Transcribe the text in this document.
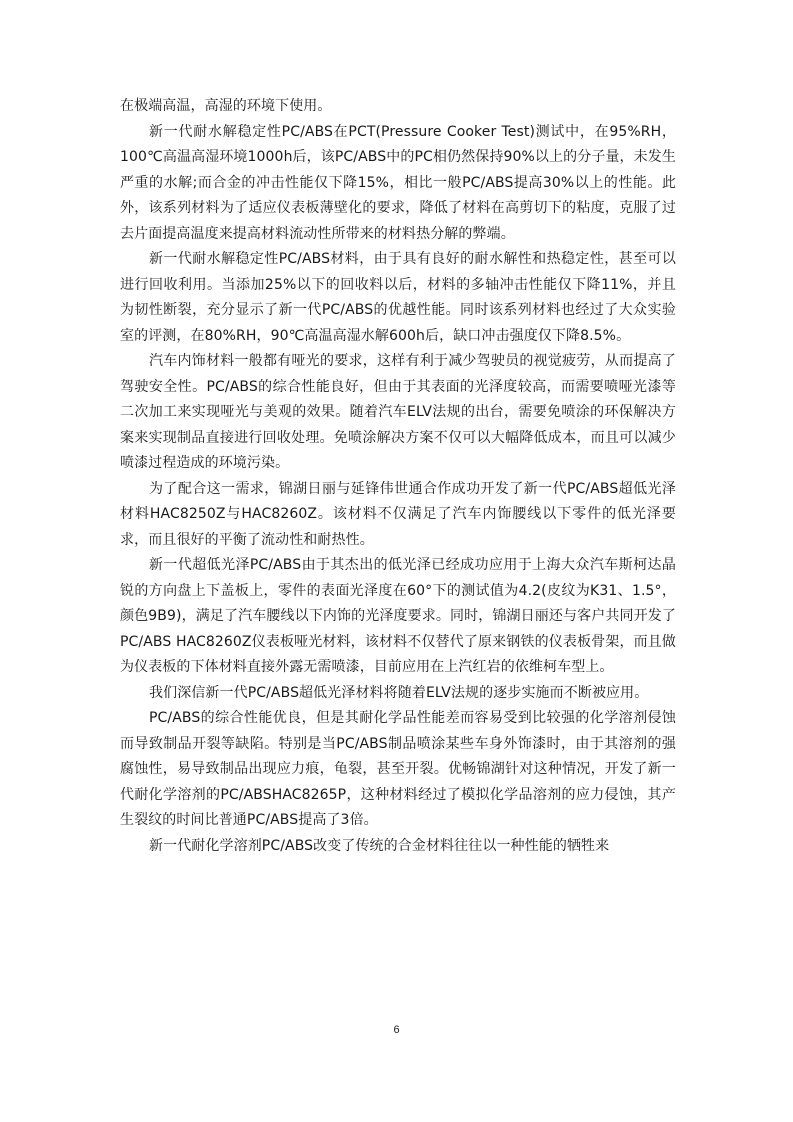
在极端高温，高湿的环境下使用。

新一代耐水解稳定性PC/ABS在PCT(Pressure Cooker Test)测试中，在95%RH，100℃高温高湿环境1000h后，该PC/ABS中的PC相仍然保持90%以上的分子量，未发生严重的水解;而合金的冲击性能仅下降15%，相比一般PC/ABS提高30%以上的性能。此外，该系列材料为了适应仪表板薄壁化的要求，降低了材料在高剪切下的粘度，克服了过去片面提高温度来提高材料流动性所带来的材料热分解的弊端。

新一代耐水解稳定性PC/ABS材料，由于具有良好的耐水解性和热稳定性，甚至可以进行回收利用。当添加25%以下的回收料以后，材料的多轴冲击性能仅下降11%，并且为韧性断裂，充分显示了新一代PC/ABS的优越性能。同时该系列材料也经过了大众实验室的评测，在80%RH，90℃高温高湿水解600h后，缺口冲击强度仅下降8.5%。

汽车内饰材料一般都有哑光的要求，这样有利于减少驾驶员的视觉疲劳，从而提高了驾驶安全性。PC/ABS的综合性能良好，但由于其表面的光泽度较高，而需要喷哑光漆等二次加工来实现哑光与美观的效果。随着汽车ELV法规的出台，需要免喷涂的环保解决方案来实现制品直接进行回收处理。免喷涂解决方案不仅可以大幅降低成本，而且可以减少喷漆过程造成的环境污染。

为了配合这一需求，锦湖日丽与延锋伟世通合作成功开发了新一代PC/ABS超低光泽材料HAC8250Z与HAC8260Z。该材料不仅满足了汽车内饰腰线以下零件的低光泽要求，而且很好的平衡了流动性和耐热性。

新一代超低光泽PC/ABS由于其杰出的低光泽已经成功应用于上海大众汽车斯柯达晶锐的方向盘上下盖板上，零件的表面光泽度在60°下的测试值为4.2(皮纹为K31、1.5°，颜色9B9)，满足了汽车腰线以下内饰的光泽度要求。同时，锦湖日丽还与客户共同开发了PC/ABS HAC8260Z仪表板哑光材料，该材料不仅替代了原来钢铁的仪表板骨架，而且做为仪表板的下体材料直接外露无需喷漆，目前应用在上汽红岩的依维柯车型上。

我们深信新一代PC/ABS超低光泽材料将随着ELV法规的逐步实施而不断被应用。

PC/ABS的综合性能优良，但是其耐化学品性能差而容易受到比较强的化学溶剂侵蚀而导致制品开裂等缺陷。特别是当PC/ABS制品喷涂某些车身外饰漆时，由于其溶剂的强腐蚀性，易导致制品出现应力痕，龟裂，甚至开裂。优畅锦湖针对这种情况，开发了新一代耐化学溶剂的PC/ABSHAC8265P，这种材料经过了模拟化学品溶剂的应力侵蚀，其产生裂纹的时间比普通PC/ABS提高了3倍。

新一代耐化学溶剂PC/ABS改变了传统的合金材料往往以一种性能的牺牲来

6
